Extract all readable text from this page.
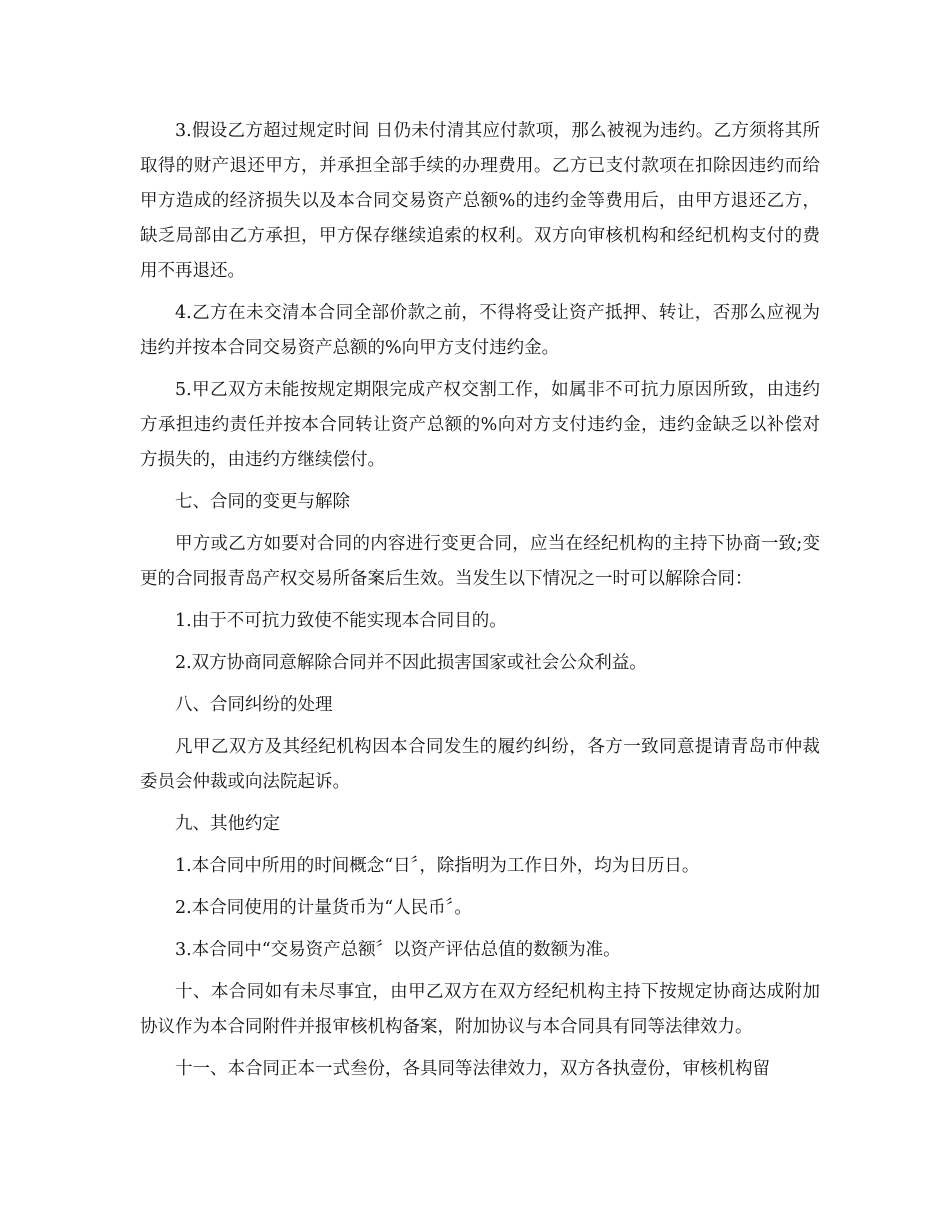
3.假设乙方超过规定时间 日仍未付清其应付款项，那么被视为违约。乙方须将其所取得的财产退还甲方，并承担全部手续的办理费用。乙方已支付款项在扣除因违约而给甲方造成的经济损失以及本合同交易资产总额%的违约金等费用后，由甲方退还乙方，缺乏局部由乙方承担，甲方保存继续追索的权利。双方向审核机构和经纪机构支付的费用不再退还。

4.乙方在未交清本合同全部价款之前，不得将受让资产抵押、转让，否那么应视为违约并按本合同交易资产总额的%向甲方支付违约金。

5.甲乙双方未能按规定期限完成产权交割工作，如属非不可抗力原因所致，由违约方承担违约责任并按本合同转让资产总额的%向对方支付违约金，违约金缺乏以补偿对方损失的，由违约方继续偿付。

七、合同的变更与解除

甲方或乙方如要对合同的内容进行变更合同，应当在经纪机构的主持下协商一致;变更的合同报青岛产权交易所备案后生效。当发生以下情况之一时可以解除合同：

1.由于不可抗力致使不能实现本合同目的。

2.双方协商同意解除合同并不因此损害国家或社会公众利益。

八、合同纠纷的处理

凡甲乙双方及其经纪机构因本合同发生的履约纠纷，各方一致同意提请青岛市仲裁委员会仲裁或向法院起诉。

九、其他约定

1.本合同中所用的时间概念“日〞，除指明为工作日外，均为日历日。

2.本合同使用的计量货币为“人民币〞。

3.本合同中“交易资产总额〞以资产评估总值的数额为准。

十、本合同如有未尽事宜，由甲乙双方在双方经纪机构主持下按规定协商达成附加协议作为本合同附件并报审核机构备案，附加协议与本合同具有同等法律效力。

十一、本合同正本一式叁份，各具同等法律效力，双方各执壹份，审核机构留
